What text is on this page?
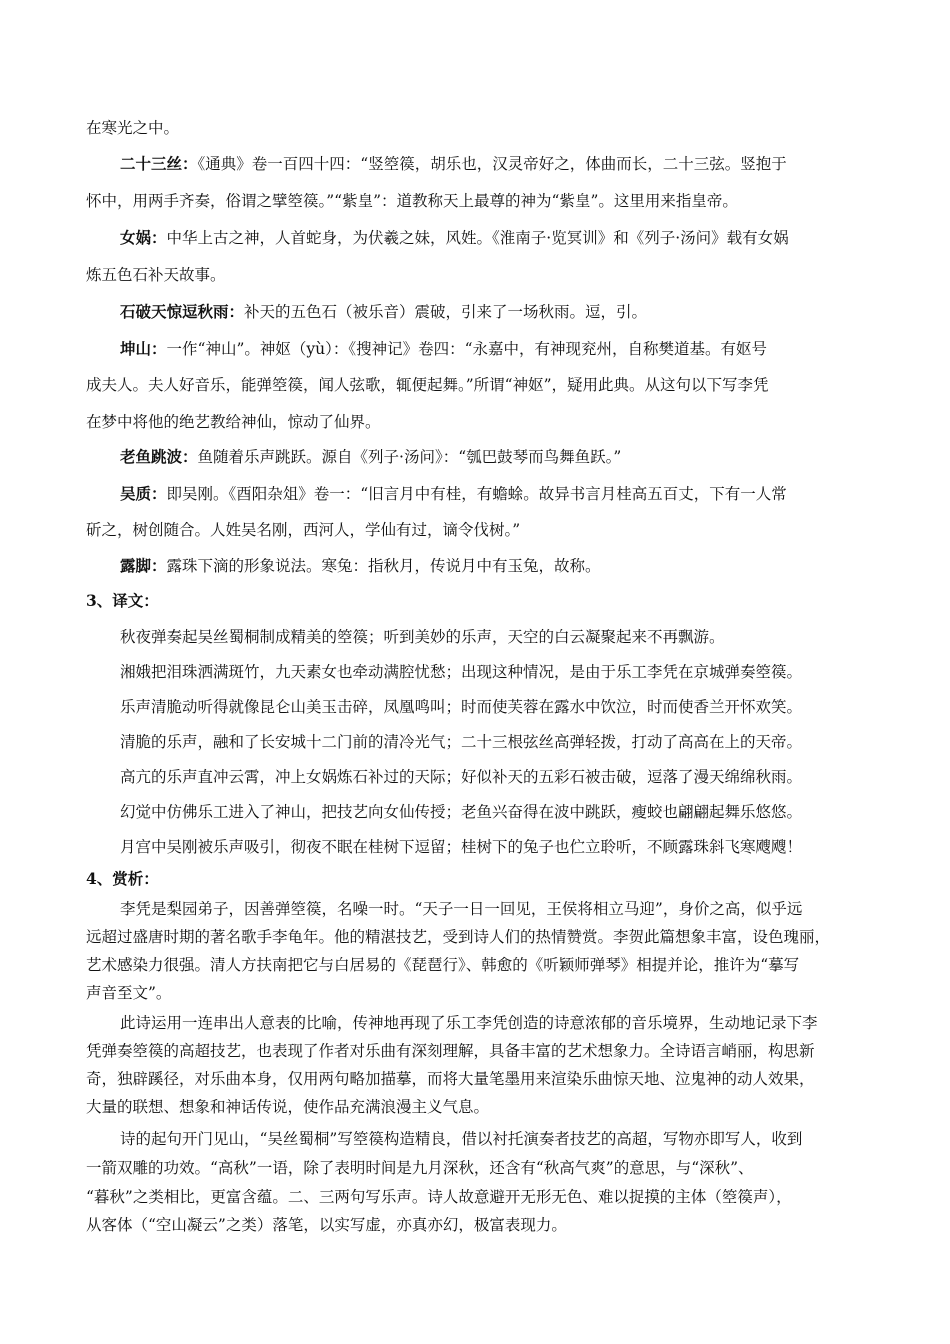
在寒光之中。
二十三丝：《通典》卷一百四十四：“竖箜篌，胡乐也，汉灵帝好之，体曲而长，二十三弦。竖抱于
怀中，用两手齐奏，俗谓之擘箜篌。”“紫皇”：道教称天上最尊的神为“紫皇”。这里用来指皇帝。
女娲：中华上古之神，人首蛇身，为伏羲之妹，风姓。《淮南子·览冥训》和《列子·汤问》载有女娲
炼五色石补天故事。
石破天惊逗秋雨：补天的五色石（被乐音）震破，引来了一场秋雨。逗，引。
坤山：一作“神山”。神妪（yù）：《搜神记》卷四：“永嘉中，有神现兖州，自称樊道基。有妪号
成夫人。夫人好音乐，能弹箜篌，闻人弦歌，辄便起舞。”所谓“神妪”，疑用此典。从这句以下写李凭
在梦中将他的绝艺教给神仙，惊动了仙界。
老鱼跳波：鱼随着乐声跳跃。源自《列子·汤问》：“瓠巴鼓琴而鸟舞鱼跃。”
吴质：即吴刚。《酉阳杂俎》卷一：“旧言月中有桂，有蟾蜍。故异书言月桂高五百丈，下有一人常
斫之，树创随合。人姓吴名刚，西河人，学仙有过，谪令伐树。”
露脚：露珠下滴的形象说法。寒兔：指秋月，传说月中有玉兔，故称。
3、译文：
秋夜弹奏起吴丝蜀桐制成精美的箜篌；听到美妙的乐声，天空的白云凝聚起来不再飘游。
湘娥把泪珠洒满斑竹，九天素女也牵动满腔忧愁；出现这种情况，是由于乐工李凭在京城弹奏箜篌。
乐声清脆动听得就像昆仑山美玉击碎，凤凰鸣叫；时而使芙蓉在露水中饮泣，时而使香兰开怀欢笑。
清脆的乐声，融和了长安城十二门前的清冷光气；二十三根弦丝高弹轻拨，打动了高高在上的天帝。
高亢的乐声直冲云霄，冲上女娲炼石补过的天际；好似补天的五彩石被击破，逗落了漫天绵绵秋雨。
幻觉中仿佛乐工进入了神山，把技艺向女仙传授；老鱼兴奋得在波中跳跃，瘦蛟也翩翩起舞乐悠悠。
月宫中吴刚被乐声吸引，彻夜不眠在桂树下逗留；桂树下的兔子也伫立聆听，不顾露珠斜飞寒飕飕！
4、赏析：
李凭是梨园弟子，因善弹箜篌，名噪一时。“天子一日一回见，王侯将相立马迎”，身价之高，似乎远
远超过盛唐时期的著名歌手李龟年。他的精湛技艺，受到诗人们的热情赞赏。李贺此篇想象丰富，设色瑰丽，
艺术感染力很强。清人方扶南把它与白居易的《琵琶行》、韩愈的《听颖师弹琴》相提并论，推许为“摹写
声音至文”。
此诗运用一连串出人意表的比喻，传神地再现了乐工李凭创造的诗意浓郁的音乐境界，生动地记录下李
凭弹奏箜篌的高超技艺，也表现了作者对乐曲有深刻理解，具备丰富的艺术想象力。全诗语言峭丽，构思新
奇，独辟蹊径，对乐曲本身，仅用两句略加描摹，而将大量笔墨用来渲染乐曲惊天地、泣鬼神的动人效果，
大量的联想、想象和神话传说，使作品充满浪漫主义气息。
诗的起句开门见山，“吴丝蜀桐”写箜篌构造精良，借以衬托演奏者技艺的高超，写物亦即写人，收到
一箭双雕的功效。“高秋”一语，除了表明时间是九月深秋，还含有“秋高气爽”的意思，与“深秋”、
“暮秋”之类相比，更富含蕴。二、三两句写乐声。诗人故意避开无形无色、难以捉摸的主体（箜篌声），
从客体（“空山凝云”之类）落笔，以实写虚，亦真亦幻，极富表现力。
